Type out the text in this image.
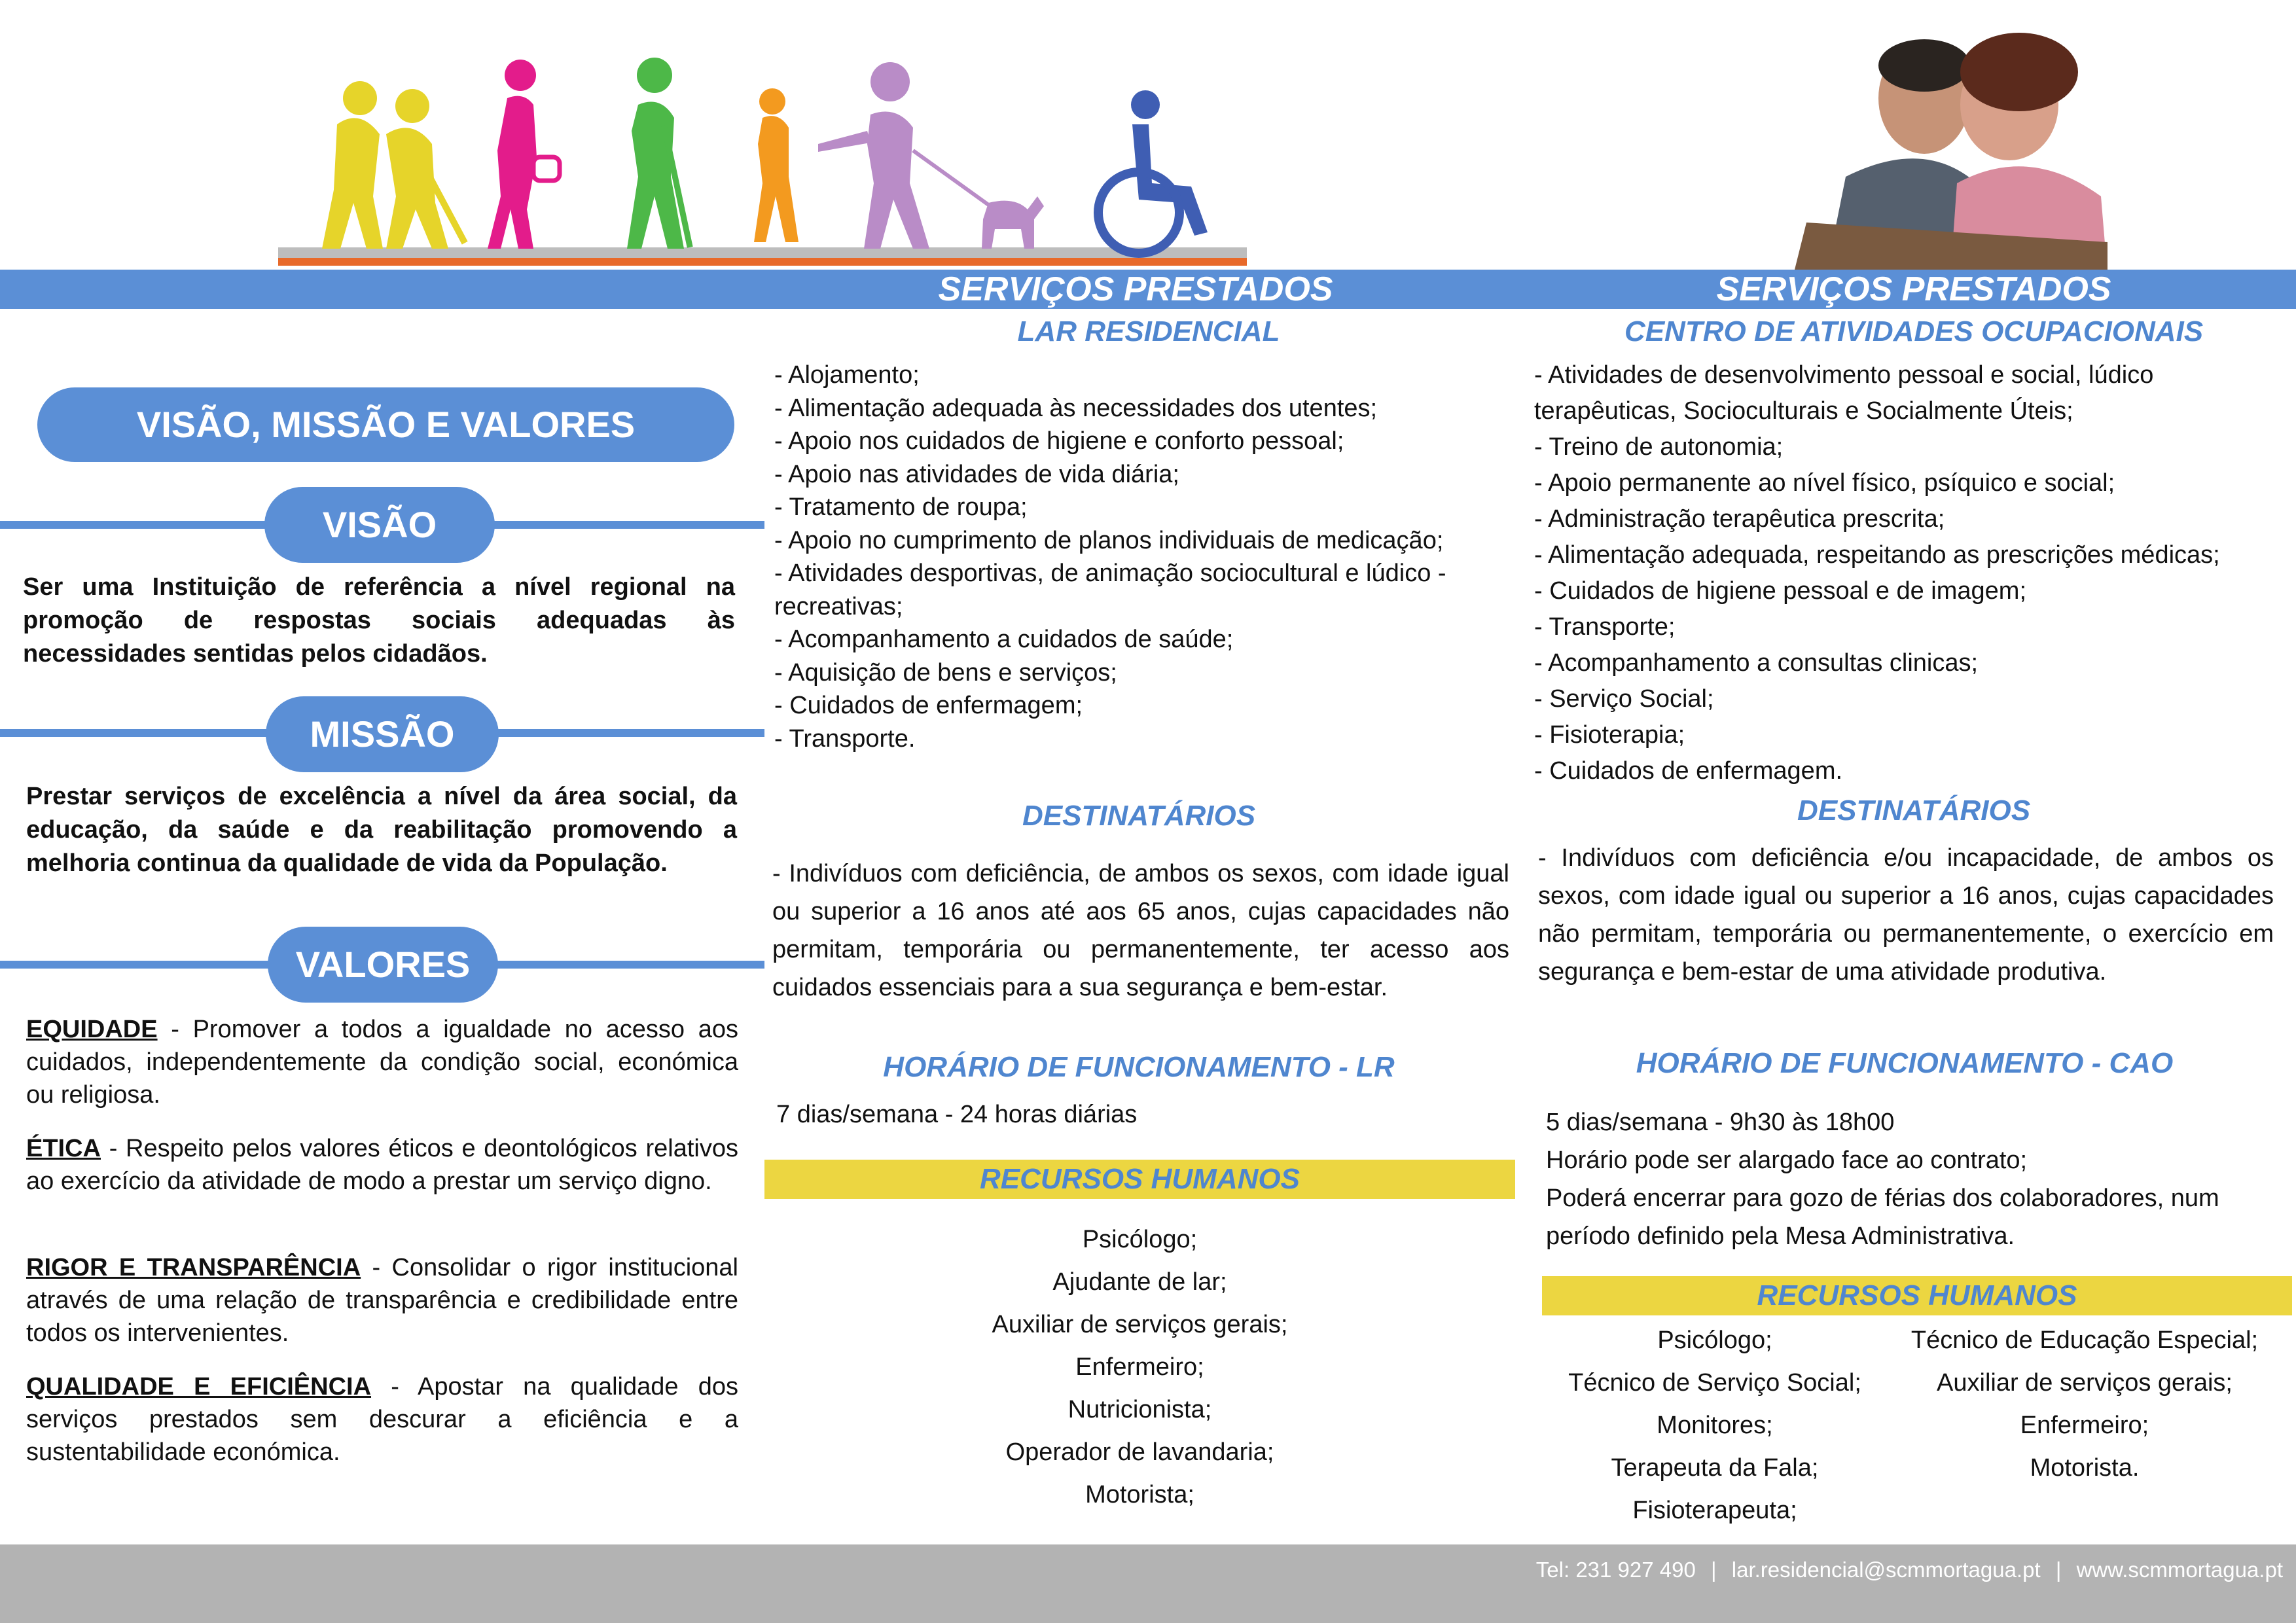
SERVIÇOS PRESTADOS	SERVIÇOS PRESTADOS
VISÃO, MISSÃO E VALORES
VISÃO
Ser uma Instituição de referência a nível regional na promoção de respostas sociais adequadas às necessidades sentidas pelos cidadãos.
MISSÃO
Prestar serviços de excelência a nível da área social, da educação, da saúde e da reabilitação promovendo a melhoria continua da qualidade de vida da População.
VALORES
EQUIDADE - Promover a todos a igualdade no acesso aos cuidados, independentemente da condição social, económica ou religiosa.
ÉTICA - Respeito pelos valores éticos e deontológicos relativos ao exercício da atividade de modo a prestar um serviço digno.
RIGOR E TRANSPARÊNCIA - Consolidar o rigor institucional através de uma relação de transparência e credibilidade entre todos os intervenientes.
QUALIDADE E EFICIÊNCIA - Apostar na qualidade dos serviços prestados sem descurar a eficiência e a sustentabilidade económica.
LAR RESIDENCIAL
- Alojamento;
- Alimentação adequada às necessidades dos utentes;
- Apoio nos cuidados de higiene e conforto pessoal;
- Apoio nas atividades de vida diária;
- Tratamento de roupa;
- Apoio no cumprimento de planos individuais de medicação;
- Atividades desportivas, de animação sociocultural e lúdico -
recreativas;
- Acompanhamento a cuidados de saúde;
- Aquisição de bens e serviços;
- Cuidados de enfermagem;
- Transporte.
DESTINATÁRIOS
- Indivíduos com deficiência, de ambos os sexos, com idade igual ou superior a 16 anos até aos 65 anos, cujas capacidades não permitam, temporária ou permanentemente, ter acesso aos cuidados essenciais para a sua segurança e bem-estar.
HORÁRIO DE FUNCIONAMENTO - LR
7 dias/semana - 24 horas diárias
RECURSOS HUMANOS
Psicólogo;
Ajudante de lar;
Auxiliar de serviços gerais;
Enfermeiro;
Nutricionista;
Operador de lavandaria;
Motorista;
CENTRO DE ATIVIDADES OCUPACIONAIS
- Atividades de desenvolvimento pessoal e social, lúdico
terapêuticas, Socioculturais e Socialmente Úteis;
- Treino de autonomia;
- Apoio permanente ao nível físico, psíquico e social;
- Administração terapêutica prescrita;
- Alimentação adequada, respeitando as prescrições médicas;
- Cuidados de higiene pessoal e de imagem;
- Transporte;
- Acompanhamento a consultas clinicas;
- Serviço Social;
- Fisioterapia;
- Cuidados de enfermagem.
DESTINATÁRIOS
- Indivíduos com deficiência e/ou incapacidade, de ambos os sexos, com idade igual ou superior a 16 anos, cujas capacidades não permitam, temporária ou permanentemente, o exercício em segurança e bem-estar de uma atividade produtiva.
HORÁRIO DE FUNCIONAMENTO - CAO
5 dias/semana - 9h30 às 18h00
Horário pode ser alargado face ao contrato;
Poderá encerrar para gozo de férias dos colaboradores, num
período definido pela Mesa Administrativa.
RECURSOS HUMANOS
Psicólogo;
Técnico de Serviço Social;
Monitores;
Terapeuta da Fala;
Fisioterapeuta;
Técnico de Educação Especial;
Auxiliar de serviços gerais;
Enfermeiro;
Motorista.
Tel: 231 927 490 | lar.residencial@scmmortagua.pt | www.scmmortagua.pt
